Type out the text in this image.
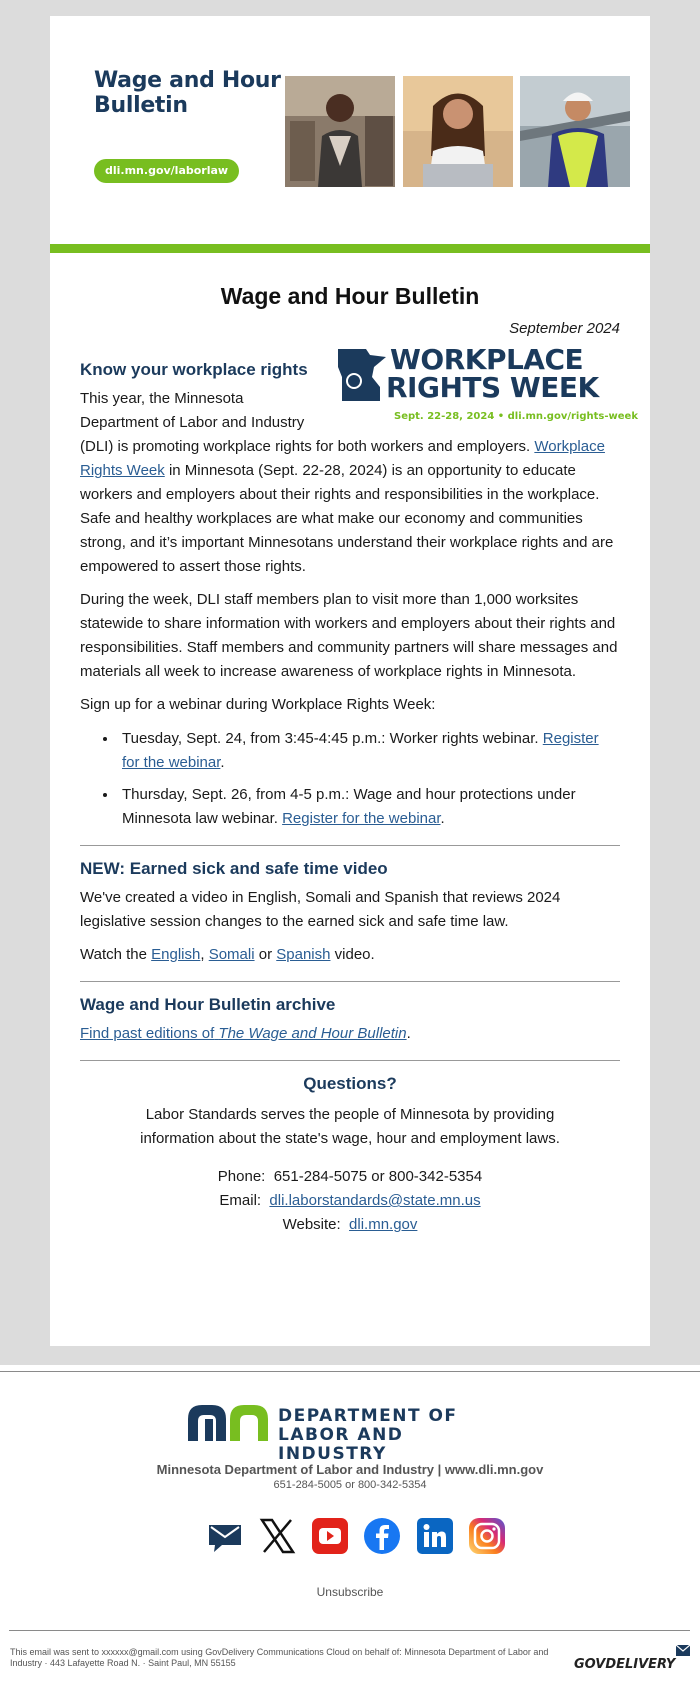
Wage and Hour
Bulletin
dli.mn.gov/laborlaw
Wage and Hour Bulletin
September 2024
WORKPLACE
RIGHTS WEEK
Sept. 22-28, 2024 • dli.mn.gov/rights-week
Know your workplace rights

This year, the Minnesota Department of Labor and Industry (DLI) is promoting workplace rights for both workers and employers. Workplace Rights Week in Minnesota (Sept. 22-28, 2024) is an opportunity to educate workers and employers about their rights and responsibilities in the workplace. Safe and healthy workplaces are what make our economy and communities strong, and it’s important Minnesotans understand their workplace rights and are empowered to assert those rights.

During the week, DLI staff members plan to visit more than 1,000 worksites statewide to share information with workers and employers about their rights and responsibilities. Staff members and community partners will share messages and materials all week to increase awareness of workplace rights in Minnesota.

Sign up for a webinar during Workplace Rights Week:

• Tuesday, Sept. 24, from 3:45-4:45 p.m.: Worker rights webinar. Register for the webinar.
• Thursday, Sept. 26, from 4-5 p.m.: Wage and hour protections under Minnesota law webinar. Register for the webinar.
NEW: Earned sick and safe time video

We've created a video in English, Somali and Spanish that reviews 2024 legislative session changes to the earned sick and safe time law.

Watch the English, Somali or Spanish video.

Wage and Hour Bulletin archive

Find past editions of The Wage and Hour Bulletin.

Questions?

Labor Standards serves the people of Minnesota by providing information about the state's wage, hour and employment laws.

Phone: 651-284-5075 or 800-342-5354
Email: dli.laborstandards@state.mn.us
Website: dli.mn.gov
DEPARTMENT OF
LABOR AND INDUSTRY
Minnesota Department of Labor and Industry | www.dli.mn.gov
651-284-5005 or 800-342-5354

Unsubscribe
This email was sent to xxxxxx@gmail.com using GovDelivery Communications Cloud on behalf of: Minnesota Department of Labor and Industry · 443 Lafayette Road N. · Saint Paul, MN 55155	GOVDELIVERY
